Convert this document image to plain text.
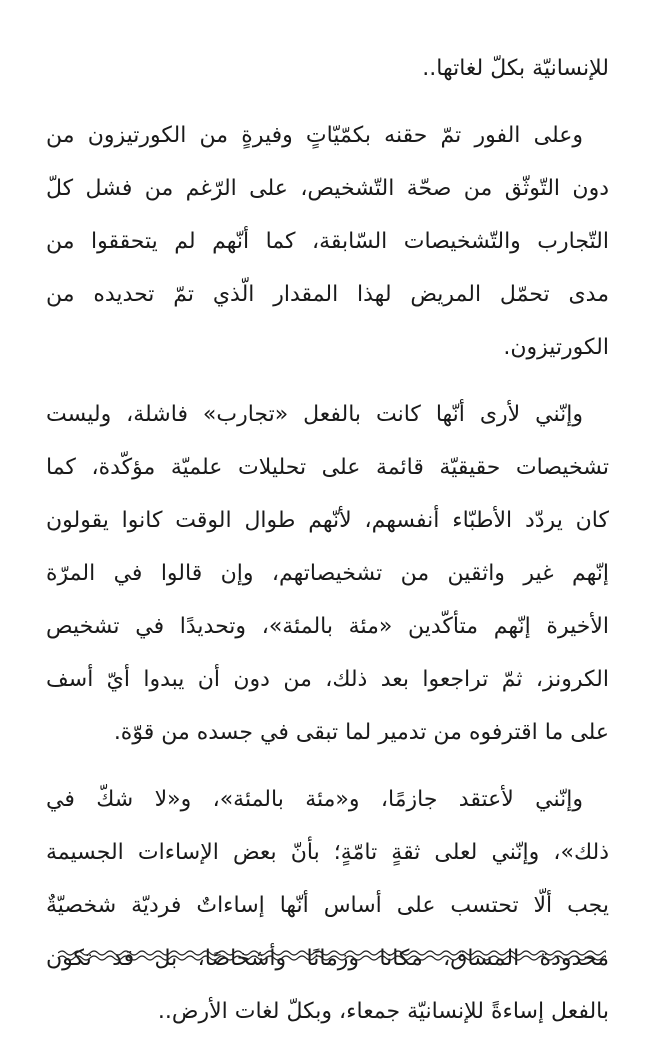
للإنسانيّة بكلّ لغاتها..
وعلى الفور تمّ حقنه بكمّيّاتٍ وفيرةٍ من الكورتيزون من
دون التّوثّق من صحّة التّشخيص، على الرّغم من فشل كلّ
التّجارب والتّشخيصات السّابقة، كما أنّهم لم يتحققوا من
مدى تحمّل المريض لهذا المقدار الّذي تمّ تحديده من
الكورتيزون.
وإنّني لأرى أنّها كانت بالفعل «تجارب» فاشلة، وليست
تشخيصات حقيقيّة قائمة على تحليلات علميّة مؤكّدة، كما
كان يردّد الأطبّاء أنفسهم، لأنّهم طوال الوقت كانوا يقولون
إنّهم غير واثقين من تشخيصاتهم، وإن قالوا في المرّة
الأخيرة إنّهم متأكّدين «مئة بالمئة»، وتحديدًا في تشخيص
الكرونز، ثمّ تراجعوا بعد ذلك، من دون أن يبدوا أيّ أسف
على ما اقترفوه من تدمير لما تبقى في جسده من قوّة.
وإنّني لأعتقد جازمًا، و«مئة بالمئة»، و«لا شكّ في
ذلك»، وإنّني لعلى ثقةٍ تامّةٍ؛ بأنّ بعض الإساءات الجسيمة
يجب ألّا تحتسب على أساس أنّها إساءاتٌ فرديّة شخصيّةٌ
محدودة المساق، مكانا وزمانًا وأشخاصًا، بل قد تكون
بالفعل إساءةً للإنسانيّة جمعاء، وبكلّ لغات الأرض..
